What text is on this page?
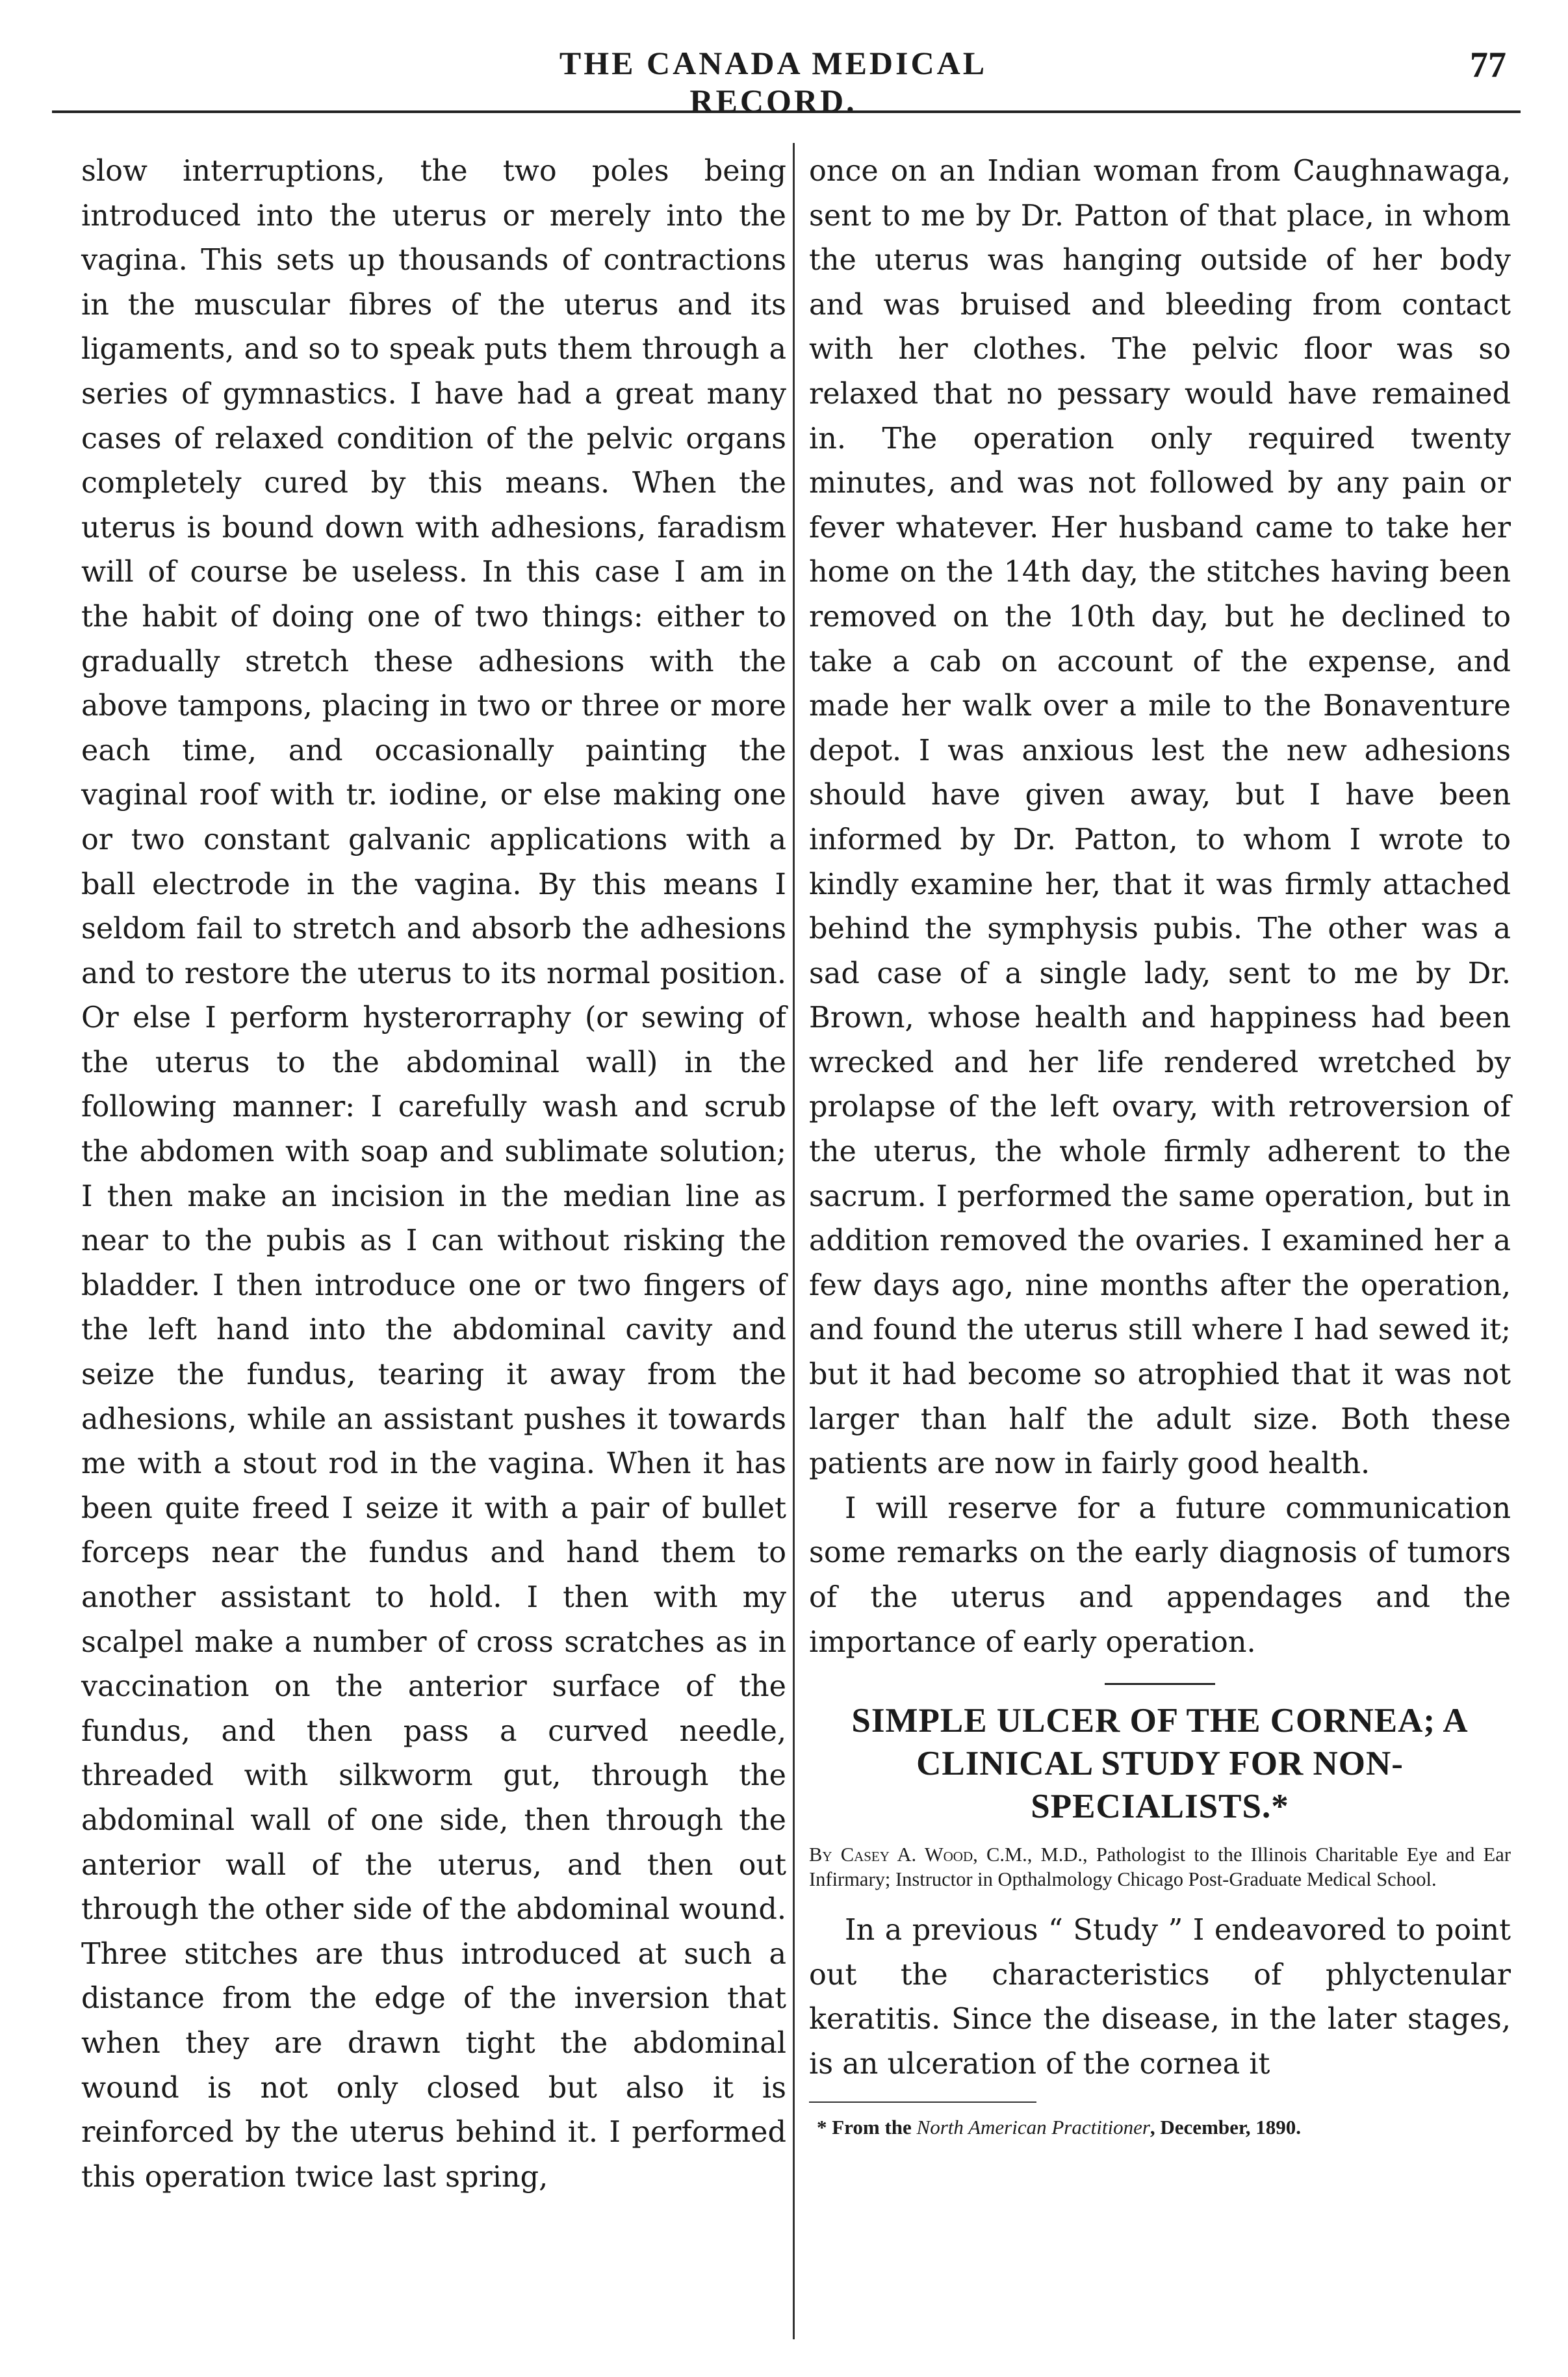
THE CANADA MEDICAL RECORD.
77

slow interruptions, the two poles being introduced into the uterus or merely into the vagina. This sets up thousands of contractions in the muscular fibres of the uterus and its ligaments, and so to speak puts them through a series of gymnastics. I have had a great many cases of relaxed condition of the pelvic organs completely cured by this means. When the uterus is bound down with adhesions, faradism will of course be useless. In this case I am in the habit of doing one of two things: either to gradually stretch these adhesions with the above tampons, placing in two or three or more each time, and occasionally painting the vaginal roof with tr. iodine, or else making one or two constant galvanic applications with a ball electrode in the vagina. By this means I seldom fail to stretch and absorb the adhesions and to restore the uterus to its normal position. Or else I perform hysterorraphy (or sewing of the uterus to the abdominal wall) in the following manner: I carefully wash and scrub the abdomen with soap and sublimate solution; I then make an incision in the median line as near to the pubis as I can without risking the bladder. I then introduce one or two fingers of the left hand into the abdominal cavity and seize the fundus, tearing it away from the adhesions, while an assistant pushes it towards me with a stout rod in the vagina. When it has been quite freed I seize it with a pair of bullet forceps near the fundus and hand them to another assistant to hold. I then with my scalpel make a number of cross scratches as in vaccination on the anterior surface of the fundus, and then pass a curved needle, threaded with silkworm gut, through the abdominal wall of one side, then through the anterior wall of the uterus, and then out through the other side of the abdominal wound. Three stitches are thus introduced at such a distance from the edge of the inversion that when they are drawn tight the abdominal wound is not only closed but also it is reinforced by the uterus behind it. I performed this operation twice last spring,

once on an Indian woman from Caughnawaga, sent to me by Dr. Patton of that place, in whom the uterus was hanging outside of her body and was bruised and bleeding from contact with her clothes. The pelvic floor was so relaxed that no pessary would have remained in. The operation only required twenty minutes, and was not followed by any pain or fever whatever. Her husband came to take her home on the 14th day, the stitches having been removed on the 10th day, but he declined to take a cab on account of the expense, and made her walk over a mile to the Bonaventure depot. I was anxious lest the new adhesions should have given away, but I have been informed by Dr. Patton, to whom I wrote to kindly examine her, that it was firmly attached behind the symphysis pubis. The other was a sad case of a single lady, sent to me by Dr. Brown, whose health and happiness had been wrecked and her life rendered wretched by prolapse of the left ovary, with retroversion of the uterus, the whole firmly adherent to the sacrum. I performed the same operation, but in addition removed the ovaries. I examined her a few days ago, nine months after the operation, and found the uterus still where I had sewed it; but it had become so atrophied that it was not larger than half the adult size. Both these patients are now in fairly good health.

I will reserve for a future communication some remarks on the early diagnosis of tumors of the uterus and appendages and the importance of early operation.

SIMPLE ULCER OF THE CORNEA; A CLINICAL STUDY FOR NON-SPECIALISTS.*

By Casey A. Wood, C.M., M.D., Pathologist to the Illinois Charitable Eye and Ear Infirmary; Instructor in Opthalmology Chicago Post-Graduate Medical School.

In a previous “ Study ” I endeavored to point out the characteristics of phlyctenular keratitis. Since the disease, in the later stages, is an ulceration of the cornea it

* From the North American Practitioner, December, 1890.
